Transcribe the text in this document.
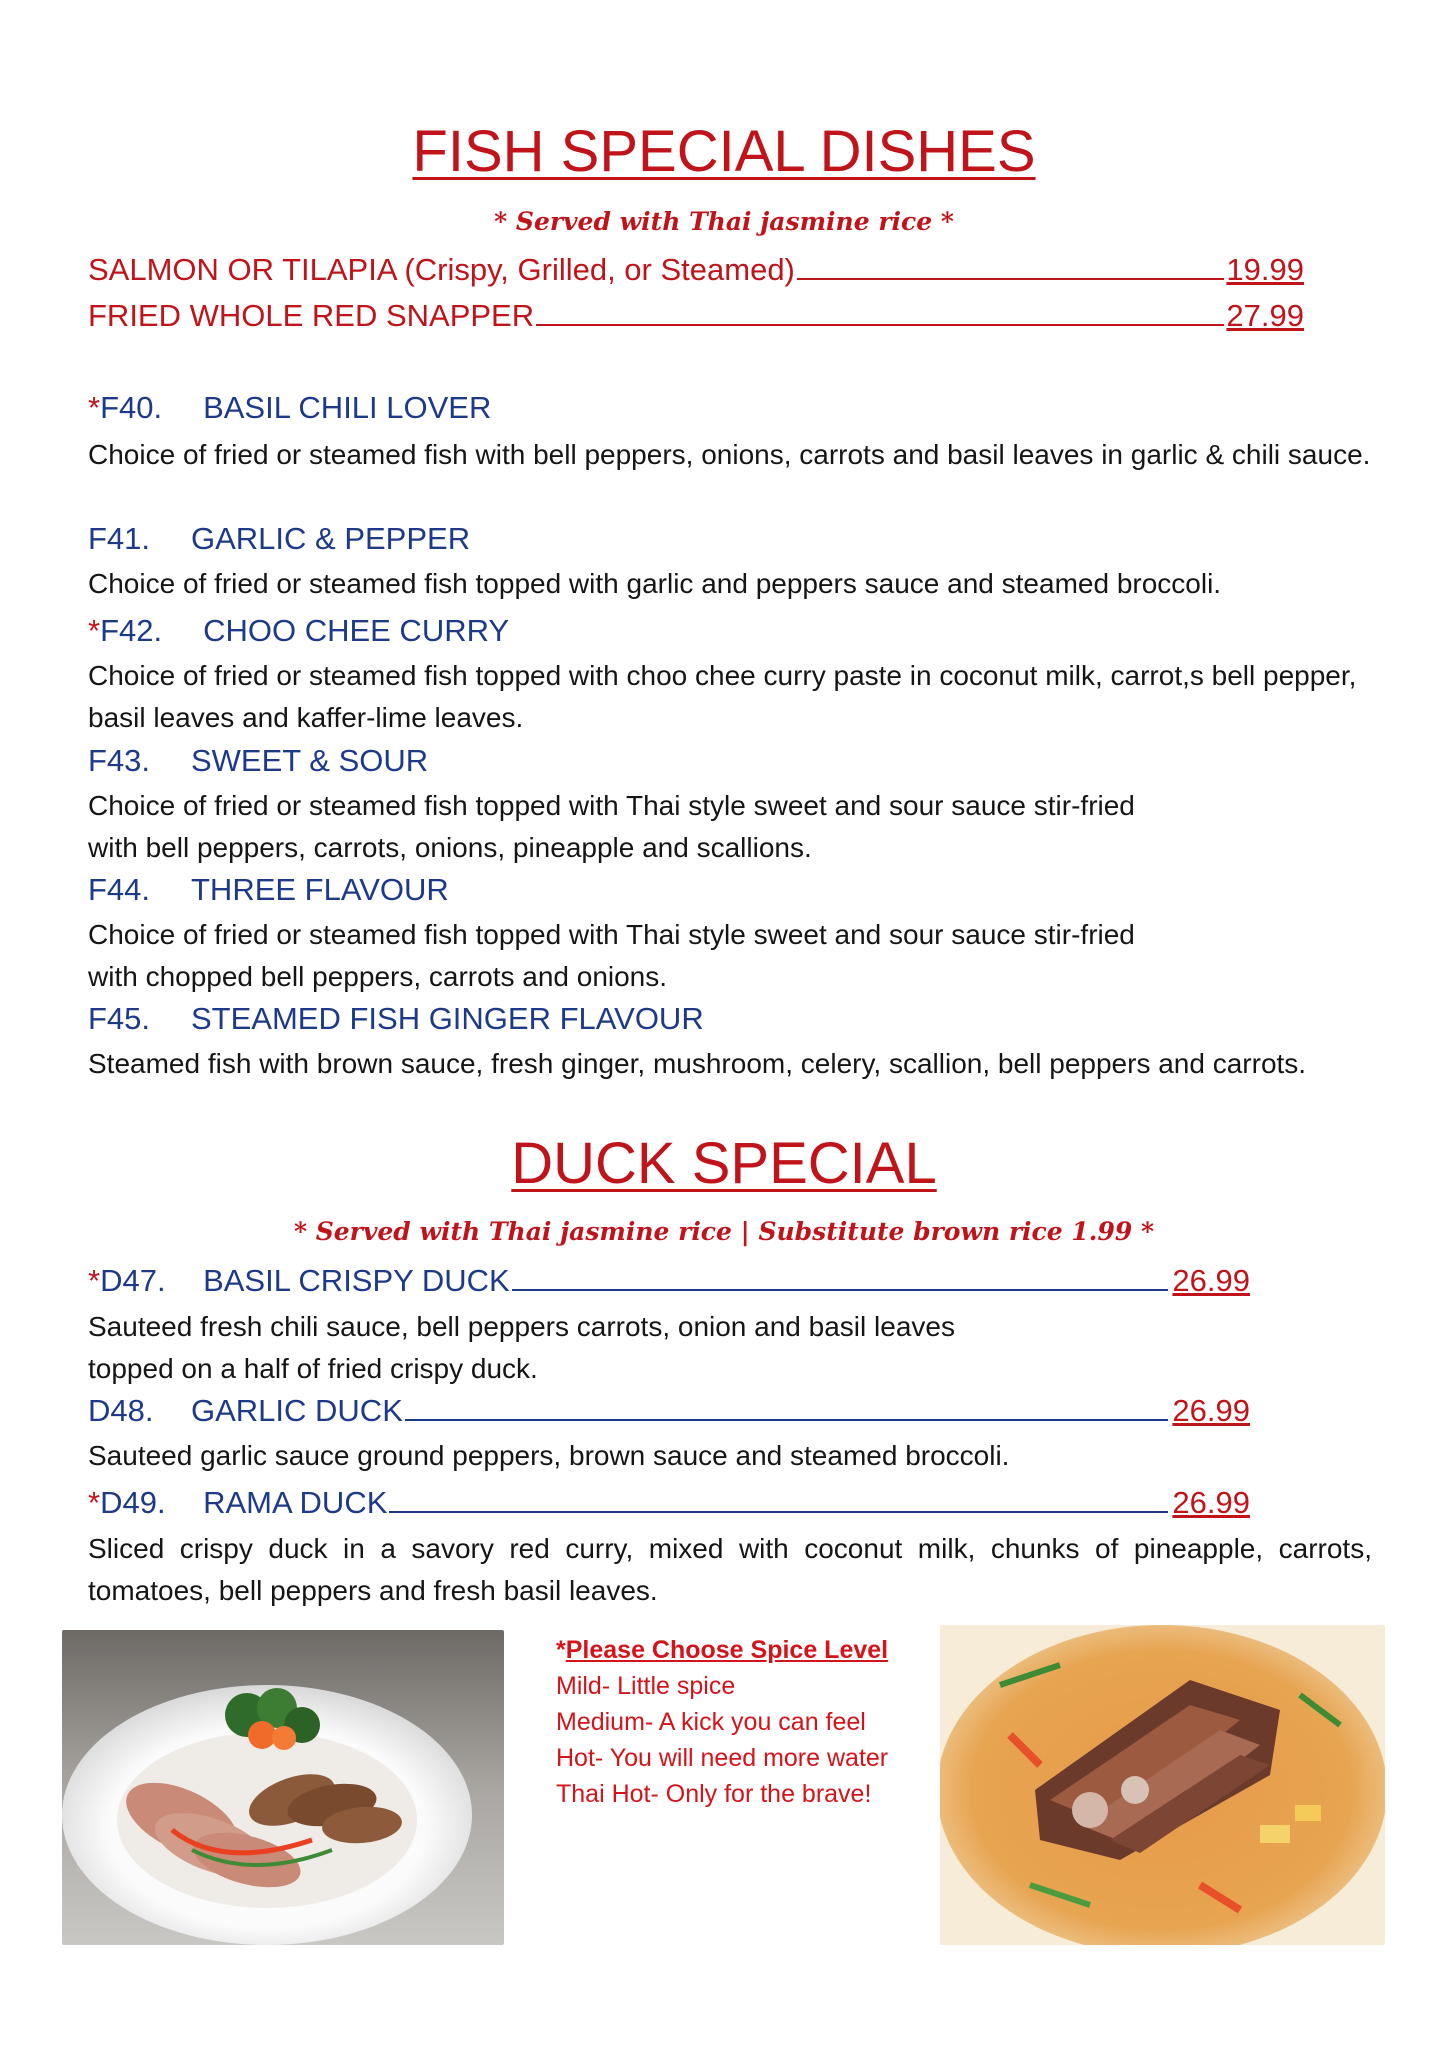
FISH SPECIAL DISHES
* Served with Thai jasmine rice *
SALMON OR TILAPIA (Crispy, Grilled, or Steamed)	19.99
FRIED WHOLE RED SNAPPER	27.99
* F40.	BASIL CHILI LOVER
Choice of fried or steamed fish with bell peppers, onions, carrots and basil leaves in garlic & chili sauce.
F41.	GARLIC & PEPPER
Choice of fried or steamed fish topped with garlic and peppers sauce and steamed broccoli.
* F42.	CHOO CHEE CURRY
Choice of fried or steamed fish topped with choo chee curry paste in coconut milk, carrot,s bell pepper, basil leaves and kaffer-lime leaves.
F43.	SWEET & SOUR
Choice of fried or steamed fish topped with Thai style sweet and sour sauce stir-fried
with bell peppers, carrots, onions, pineapple and scallions.
F44.	THREE FLAVOUR
Choice of fried or steamed fish topped with Thai style sweet and sour sauce stir-fried
with chopped bell peppers, carrots and onions.
F45.	STEAMED FISH GINGER FLAVOUR
Steamed fish with brown sauce, fresh ginger, mushroom, celery, scallion, bell peppers and carrots.
DUCK SPECIAL
* Served with Thai jasmine rice | Substitute brown rice 1.99 *
* D47.	BASIL CRISPY DUCK	26.99
Sauteed fresh chili sauce, bell peppers carrots, onion and basil leaves
topped on a half of fried crispy duck.
D48.	GARLIC DUCK	26.99
Sauteed garlic sauce ground peppers, brown sauce and steamed broccoli.
* D49.	RAMA DUCK	26.99
Sliced crispy duck in a savory red curry, mixed with coconut milk, chunks of pineapple, carrots, tomatoes, bell peppers and fresh basil leaves.
*Please Choose Spice Level
Mild- Little spice
Medium- A kick you can feel
Hot- You will need more water
Thai Hot- Only for the brave!
